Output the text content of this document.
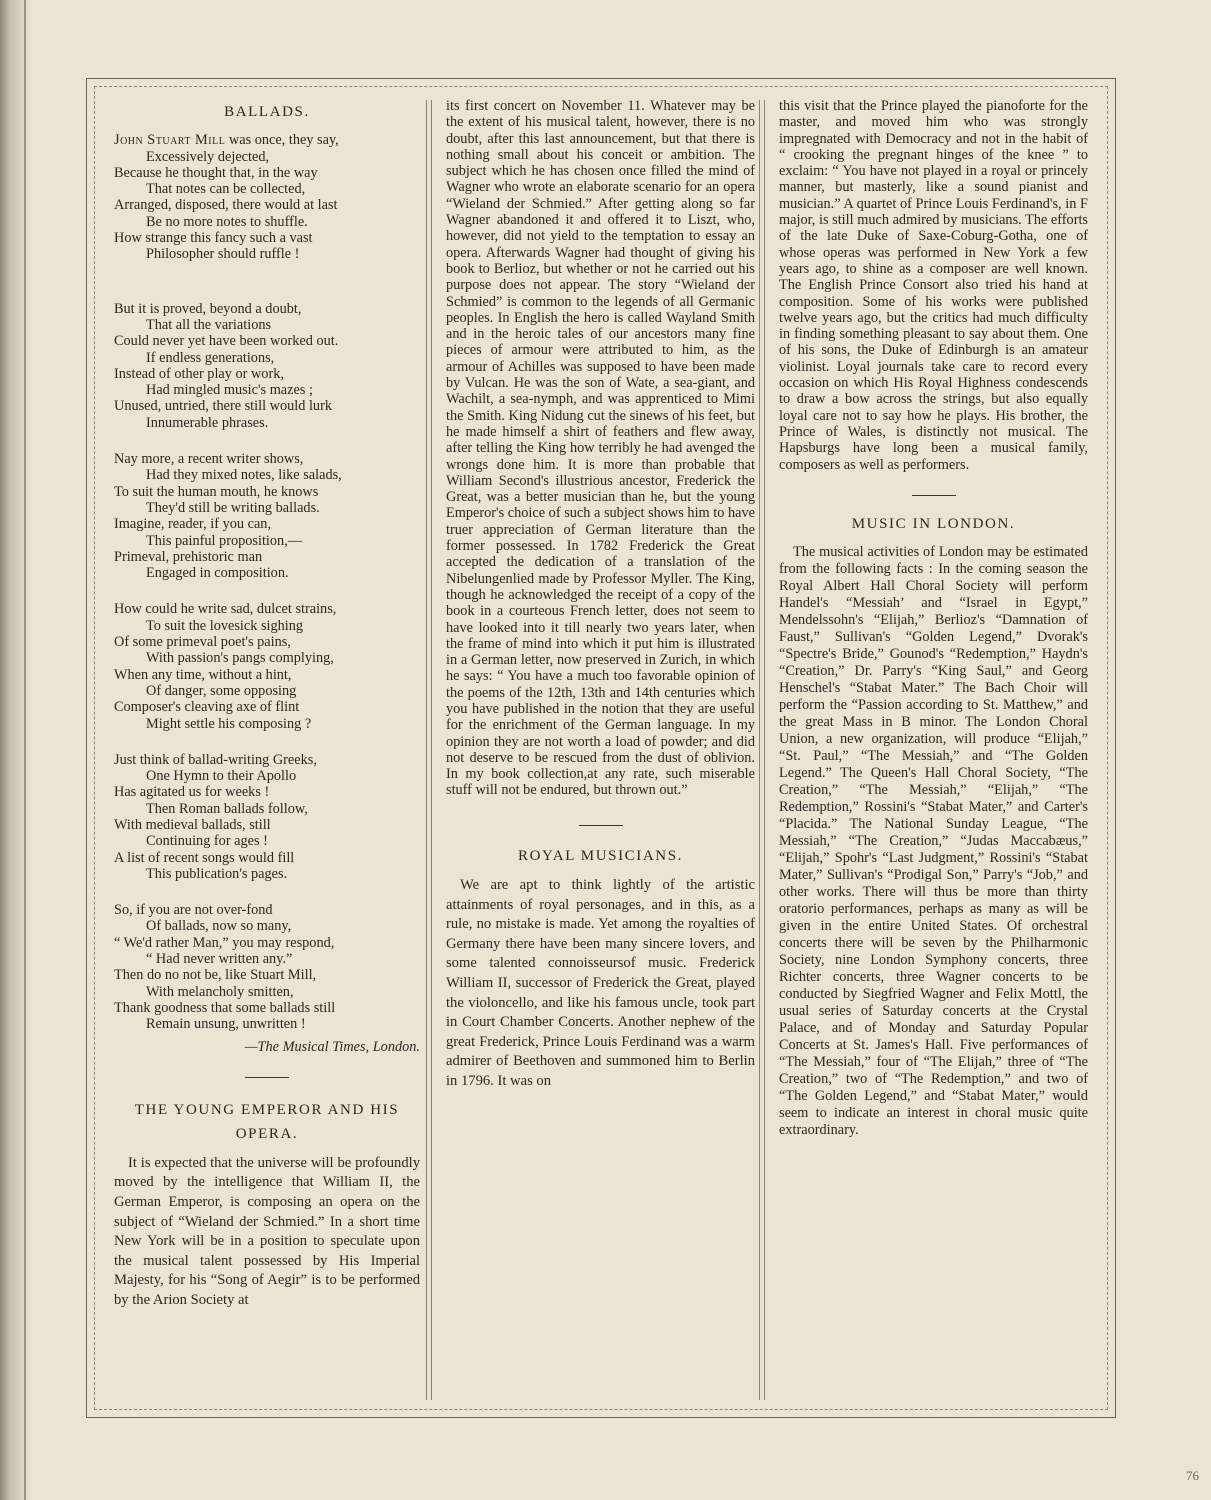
BALLADS.

John Stuart Mill was once, they say,

Excessively dejected,

Because he thought that, in the way

That notes can be collected,

Arranged, disposed, there would at last

Be no more notes to shuffle.

How strange this fancy such a vast

Philosopher should ruffle !

But it is proved, beyond a doubt,

That all the variations

Could never yet have been worked out.

If endless generations,

Instead of other play or work,

Had mingled music's mazes ;

Unused, untried, there still would lurk

Innumerable phrases.

Nay more, a recent writer shows,

Had they mixed notes, like salads,

To suit the human mouth, he knows

They'd still be writing ballads.

Imagine, reader, if you can,

This painful proposition,—

Primeval, prehistoric man

Engaged in composition.

How could he write sad, dulcet strains,

To suit the lovesick sighing

Of some primeval poet's pains,

With passion's pangs complying,

When any time, without a hint,

Of danger, some opposing

Composer's cleaving axe of flint

Might settle his composing ?

Just think of ballad-writing Greeks,

One Hymn to their Apollo

Has agitated us for weeks !

Then Roman ballads follow,

With medieval ballads, still

Continuing for ages !

A list of recent songs would fill

This publication's pages.

So, if you are not over-fond

Of ballads, now so many,

“ We'd rather Man,” you may respond,

“ Had never written any.”

Then do no not be, like Stuart Mill,

With melancholy smitten,

Thank goodness that some ballads still

Remain unsung, unwritten !

—The Musical Times, London.
THE YOUNG EMPEROR AND HIS OPERA.

It is expected that the universe will be profoundly moved by the intelligence that William II, the German Emperor, is composing an opera on the subject of “Wieland der Schmied.” In a short time New York will be in a position to speculate upon the musical talent possessed by His Imperial Majesty, for his “Song of Aegir” is to be performed by the Arion Society at

its first concert on November 11. Whatever may be the extent of his musical talent, however, there is no doubt, after this last announcement, but that there is nothing small about his conceit or ambition. The subject which he has chosen once filled the mind of Wagner who wrote an elaborate scenario for an opera “Wieland der Schmied.” After getting along so far Wagner abandoned it and offered it to Liszt, who, however, did not yield to the temptation to essay an opera. Afterwards Wagner had thought of giving his book to Berlioz, but whether or not he carried out his purpose does not appear. The story “Wieland der Schmied” is common to the legends of all Germanic peoples. In English the hero is called Wayland Smith and in the heroic tales of our ancestors many fine pieces of armour were attributed to him, as the armour of Achilles was supposed to have been made by Vulcan. He was the son of Wate, a sea-giant, and Wachilt, a sea-nymph, and was apprenticed to Mimi the Smith. King Nidung cut the sinews of his feet, but he made himself a shirt of feathers and flew away, after telling the King how terribly he had avenged the wrongs done him. It is more than probable that William Second's illustrious ancestor, Frederick the Great, was a better musician than he, but the young Emperor's choice of such a subject shows him to have truer appreciation of German literature than the former possessed. In 1782 Frederick the Great accepted the dedication of a translation of the Nibelungenlied made by Professor Myller. The King, though he acknowledged the receipt of a copy of the book in a courteous French letter, does not seem to have looked into it till nearly two years later, when the frame of mind into which it put him is illustrated in a German letter, now preserved in Zurich, in which he says: “ You have a much too favorable opinion of the poems of the 12th, 13th and 14th centuries which you have published in the notion that they are useful for the enrichment of the German language. In my opinion they are not worth a load of powder; and did not deserve to be rescued from the dust of oblivion. In my book collection,at any rate, such miserable stuff will not be endured, but thrown out.”

ROYAL MUSICIANS.

We are apt to think lightly of the artistic attainments of royal personages, and in this, as a rule, no mistake is made. Yet among the royalties of Germany there have been many sincere lovers, and some talented connoisseursof music. Frederick William II, successor of Frederick the Great, played the violoncello, and like his famous uncle, took part in Court Chamber Concerts. Another nephew of the great Frederick, Prince Louis Ferdinand was a warm admirer of Beethoven and summoned him to Berlin in 1796. It was on

this visit that the Prince played the pianoforte for the master, and moved him who was strongly impregnated with Democracy and not in the habit of “ crooking the pregnant hinges of the knee ” to exclaim: “ You have not played in a royal or princely manner, but masterly, like a sound pianist and musician.” A quartet of Prince Louis Ferdinand's, in F major, is still much admired by musicians. The efforts of the late Duke of Saxe-Coburg-Gotha, one of whose operas was performed in New York a few years ago, to shine as a composer are well known. The English Prince Consort also tried his hand at composition. Some of his works were published twelve years ago, but the critics had much difficulty in finding something pleasant to say about them. One of his sons, the Duke of Edinburgh is an amateur violinist. Loyal journals take care to record every occasion on which His Royal Highness condescends to draw a bow across the strings, but also equally loyal care not to say how he plays. His brother, the Prince of Wales, is distinctly not musical. The Hapsburgs have long been a musical family, composers as well as performers.

MUSIC IN LONDON.

The musical activities of London may be estimated from the following facts : In the coming season the Royal Albert Hall Choral Society will perform Handel's “Messiah’ and “Israel in Egypt,” Mendelssohn's “Elijah,” Berlioz's “Damnation of Faust,” Sullivan's “Golden Legend,” Dvorak's “Spectre's Bride,” Gounod's “Redemption,” Haydn's “Creation,” Dr. Parry's “King Saul,” and Georg Henschel's “Stabat Mater.” The Bach Choir will perform the “Passion according to St. Matthew,” and the great Mass in B minor. The London Choral Union, a new organization, will produce “Elijah,” “St. Paul,” “The Messiah,” and “The Golden Legend.” The Queen's Hall Choral Society, “The Creation,” “The Messiah,” “Elijah,” “The Redemption,” Rossini's “Stabat Mater,” and Carter's “Placida.” The National Sunday League, “The Messiah,” “The Creation,” “Judas Maccabæus,” “Elijah,” Spohr's “Last Judgment,” Rossini's “Stabat Mater,” Sullivan's “Prodigal Son,” Parry's “Job,” and other works. There will thus be more than thirty oratorio performances, perhaps as many as will be given in the entire United States. Of orchestral concerts there will be seven by the Philharmonic Society, nine London Symphony concerts, three Richter concerts, three Wagner concerts to be conducted by Siegfried Wagner and Felix Mottl, the usual series of Saturday concerts at the Crystal Palace, and of Monday and Saturday Popular Concerts at St. James's Hall. Five performances of “The Messiah,” four of “The Elijah,” three of “The Creation,” two of “The Redemption,” and two of “The Golden Legend,” and “Stabat Mater,” would seem to indicate an interest in choral music quite extraordinary.

76
